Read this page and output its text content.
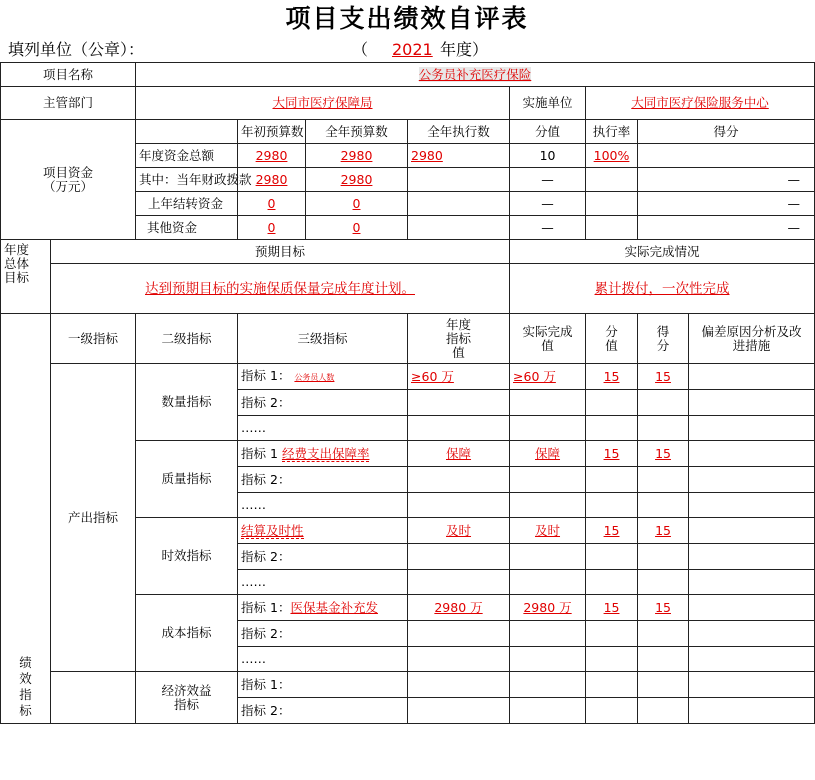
项目支出绩效自评表
填列单位（公章）：	（ 2021 年度）
项目名称		公务员补充医疗保险							
主管部门		大同市医疗保障局				实施单位	大同市医疗保险服务中心		
项目资金（万元）			年初预算数	全年预算数	全年执行数	分值	执行率	得分	
		年度资金总额	2980	2980	2980	10	100%		
		其中：当年财政拨款	2980	2980		—		—	
		上年结转资金	0	0		—		—	
		其他资金	0	0		—		—	
年度总体目标	预期目标					实际完成情况			
	达到预期目标的实施保质保量完成年度计划。					累计拨付，一次性完成			
绩效指标	一级指标	二级指标	三级指标		年度指标值	实际完成值	分值	得分	偏差原因分析及改进措施
	产出指标	数量指标	指标 1： 公务员人数		≥60 万	≥60 万	15	15	
			指标 2：						
			……						
		质量指标	指标 1 经费支出保障率		保障	保障	15	15	
			指标 2：						
			……						
		时效指标	结算及时性		及时	及时	15	15	
			指标 2：						
			……						
		成本指标	指标 1：医保基金补充发		2980 万	2980 万	15	15	
			指标 2：						
			……						
		经济效益指标	指标 1：						
			指标 2：						
